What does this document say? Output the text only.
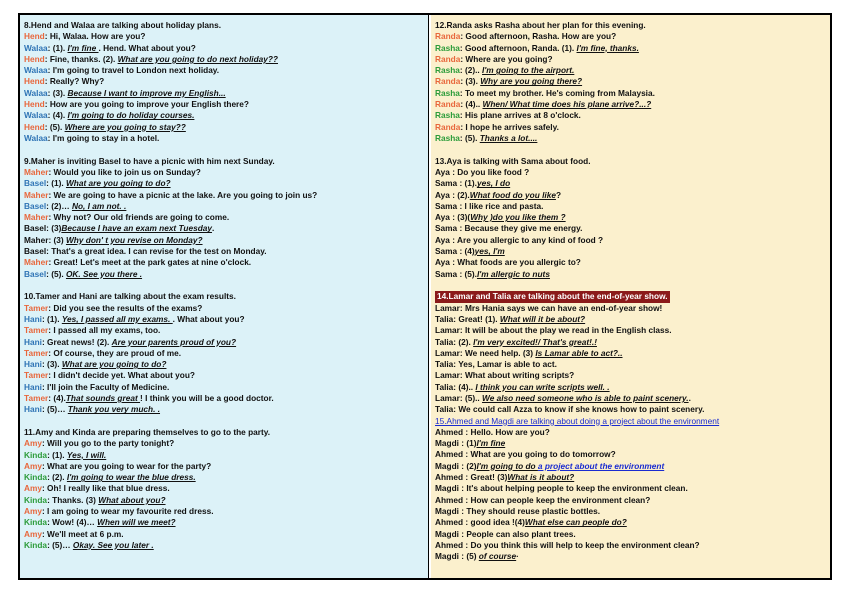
8.Hend and Walaa are talking about holiday plans.
Hend: Hi, Walaa. How are you?
Walaa: (1). I'm fine . Hend. What about you?
Hend: Fine, thanks. (2). What are you going to do next holiday??
Walaa: I'm going to travel to London next holiday.
Hend: Really? Why?
Walaa: (3). Because I want to improve my English...
Hend: How are you going to improve your English there?
Walaa: (4). I'm going to do holiday courses.
Hend: (5). Where are you going to stay??
Walaa: I'm going to stay in a hotel.
9.Maher is inviting Basel to have a picnic with him next Sunday.
Maher: Would you like to join us on Sunday?
Basel: (1). What are you going to do?
Maher: We are going to have a picnic at the lake. Are you going to join us?
Basel: (2)… No, I am not. .
Maher: Why not? Our old friends are going to come.
Basel: (3)Because I have an exam next Tuesday.
Maher: (3) Why don' t you revise on Monday?
Basel: That's a great idea. I can revise for the test on Monday.
Maher: Great! Let's meet at the park gates at nine o'clock.
Basel: (5). OK. See you there .
10.Tamer and Hani are talking about the exam results.
Tamer: Did you see the results of the exams?
Hani: (1). Yes, I passed all my exams. . What about you?
Tamer: I passed all my exams, too.
Hani: Great news! (2). Are your parents proud of you?
Tamer: Of course, they are proud of me.
Hani: (3). What are you going to do?
Tamer: I didn't decide yet. What about you?
Hani: I'll join the Faculty of Medicine.
Tamer: (4).That sounds great ! I think you will be a good doctor.
Hani: (5)… Thank you very much. .
11.Amy and Kinda are preparing themselves to go to the party.
Amy: Will you go to the party tonight?
Kinda: (1). Yes, I will.
Amy: What are you going to wear for the party?
Kinda: (2). I'm going to wear the blue dress.
Amy: Oh! I really like that blue dress.
Kinda: Thanks. (3) What about you?
Amy: I am going to wear my favourite red dress.
Kinda: Wow! (4)… When will we meet?
Amy: We'll meet at 6 p.m.
Kinda: (5)… Okay. See you later .
12.Randa asks Rasha about her plan for this evening.
Randa: Good afternoon, Rasha. How are you?
Rasha: Good afternoon, Randa. (1). I'm fine, thanks.
Randa: Where are you going?
Rasha: (2).. I'm going to the airport.
Randa: (3). Why are you going there?
Rasha: To meet my brother. He's coming from Malaysia.
Randa: (4).. When/ What time does his plane arrive?...?
Rasha: His plane arrives at 8 o'clock.
Randa: I hope he arrives safely.
Rasha: (5). Thanks a lot....
13.Aya is talking with Sama about food.
Aya : Do you like food ?
Sama : (1).yes, I do
Aya : (2).What food do you like?
Sama : I like rice and pasta.
Aya : (3)(Why )do you like them ?
Sama : Because they give me energy.
Aya : Are you allergic to any kind of food ?
Sama : (4)yes, I'm
Aya : What foods are you allergic to?
Sama : (5).I'm allergic to nuts
14.Lamar and Talia are talking about the end-of-year show.
Lamar: Mrs Hania says we can have an end-of-year show!
Talia: Great! (1). What will it be about?
Lamar: It will be about the play we read in the English class.
Talia: (2). I'm very excited!/ That's great!.!
Lamar: We need help. (3) Is Lamar able to act?..
Talia: Yes, Lamar is able to act.
Lamar: What about writing scripts?
Talia: (4).. I think you can write scripts well. .
Lamar: (5).. We also need someone who is able to paint scenery..
Talia: We could call Azza to know if she knows how to paint scenery.
15.Ahmed and Magdi are talking about doing a project about the environment
Ahmed : Hello. How are you?
Magdi : (1)I'm fine
Ahmed : What are you going to do tomorrow?
Magdi : (2)I'm going to do a project about the environment
Ahmed : Great! (3)What is it about?
Magdi : It's about helping people to keep the environment clean.
Ahmed : How can people keep the environment clean?
Magdi : They should reuse plastic bottles.
Ahmed : good idea !(4)What else can people do?
Magdi : People can also plant trees.
Ahmed : Do you think this will help to keep the environment clean?
Magdi : (5) of course·
